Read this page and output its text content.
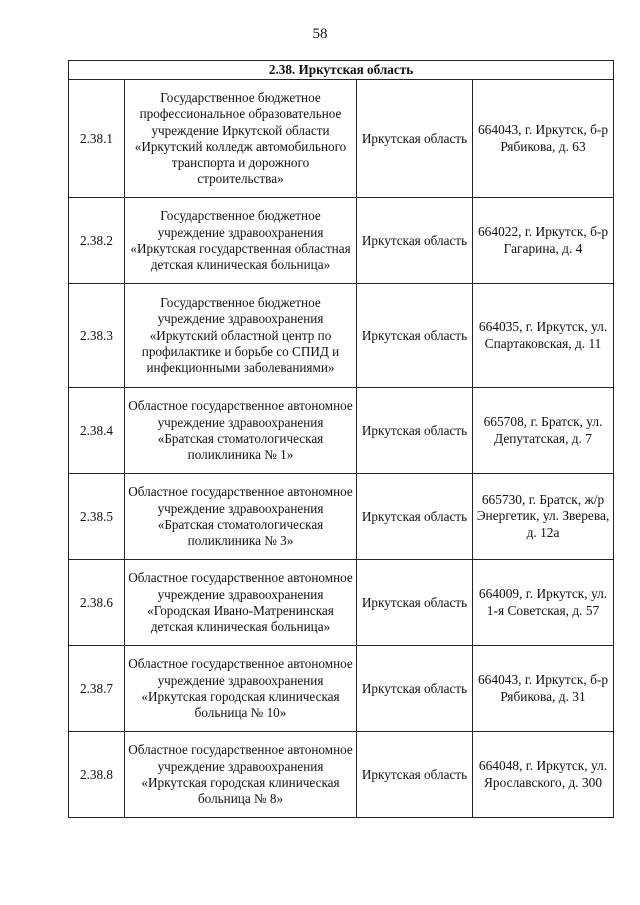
58
2.38. Иркутская область			
2.38.1	Государственное бюджетное профессиональное образовательное учреждение Иркутской области «Иркутский колледж автомобильного транспорта и дорожного строительства»	Иркутская область	664043, г. Иркутск, б-р Рябикова, д. 63
2.38.2	Государственное бюджетное учреждение здравоохранения «Иркутская государственная областная детская клиническая больница»	Иркутская область	664022, г. Иркутск, б-р Гагарина, д. 4
2.38.3	Государственное бюджетное учреждение здравоохранения «Иркутский областной центр по профилактике и борьбе со СПИД и инфекционными заболеваниями»	Иркутская область	664035, г. Иркутск, ул. Спартаковская, д. 11
2.38.4	Областное государственное автономное учреждение здравоохранения «Братская стоматологическая поликлиника № 1»	Иркутская область	665708, г. Братск, ул. Депутатская, д. 7
2.38.5	Областное государственное автономное учреждение здравоохранения «Братская стоматологическая поликлиника № 3»	Иркутская область	665730, г. Братск, ж/р Энергетик, ул. Зверева, д. 12а
2.38.6	Областное государственное автономное учреждение здравоохранения «Городская Ивано-Матренинская детская клиническая больница»	Иркутская область	664009, г. Иркутск, ул. 1-я Советская, д. 57
2.38.7	Областное государственное автономное учреждение здравоохранения «Иркутская городская клиническая больница № 10»	Иркутская область	664043, г. Иркутск, б-р Рябикова, д. 31
2.38.8	Областное государственное автономное учреждение здравоохранения «Иркутская городская клиническая больница № 8»	Иркутская область	664048, г. Иркутск, ул. Ярославского, д. 300
